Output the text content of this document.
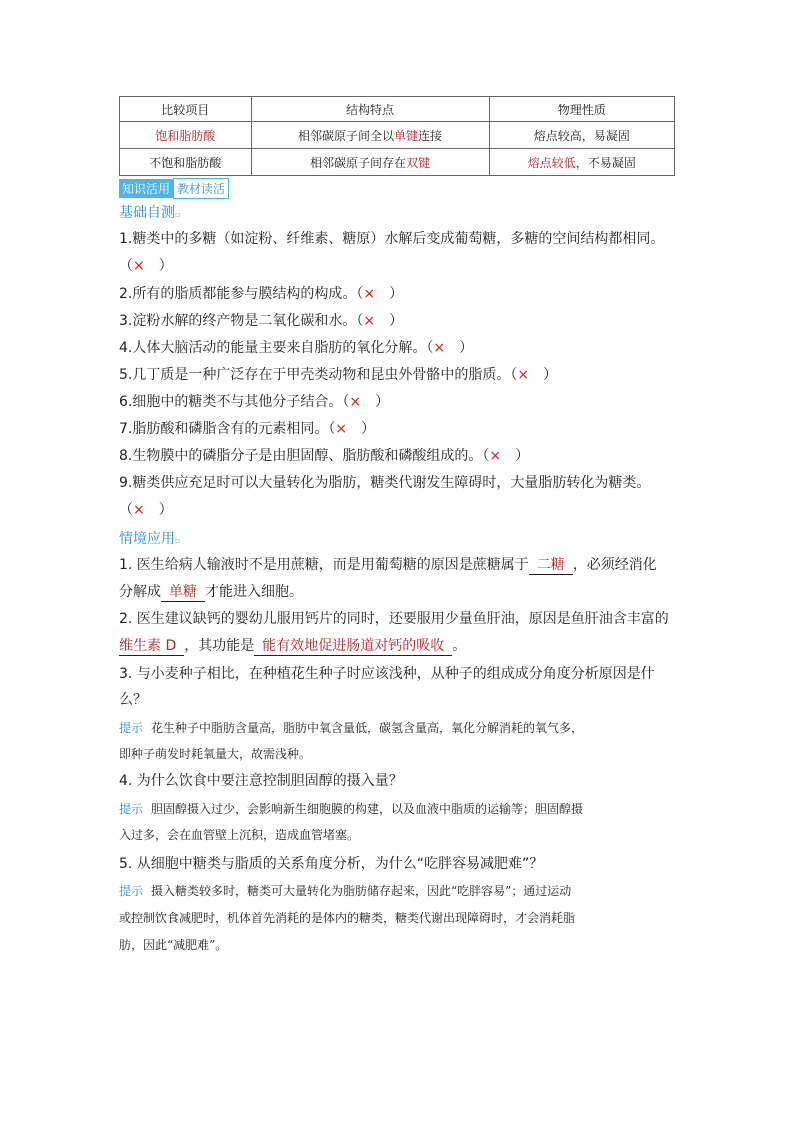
比较项目	结构特点	物理性质
饱和脂肪酸	相邻碳原子间全以单键连接	熔点较高，易凝固
不饱和脂肪酸	相邻碳原子间存在双键	熔点较低，不易凝固
知识活用 教材读活
基础自测▫
1.糖类中的多糖（如淀粉、纤维素、糖原）水解后变成葡萄糖，多糖的空间结构都相同。
（×　）
2.所有的脂质都能参与膜结构的构成。（×　）
3.淀粉水解的终产物是二氧化碳和水。（×　）
4.人体大脑活动的能量主要来自脂肪的氧化分解。（×　）
5.几丁质是一种广泛存在于甲壳类动物和昆虫外骨骼中的脂质。（×　）
6.细胞中的糖类不与其他分子结合。（×　）
7.脂肪酸和磷脂含有的元素相同。（×　）
8.生物膜中的磷脂分子是由胆固醇、脂肪酸和磷酸组成的。（×　）
9.糖类供应充足时可以大量转化为脂肪，糖类代谢发生障碍时，大量脂肪转化为糖类。
（×　）
情境应用▫
1. 医生给病人输液时不是用蔗糖，而是用葡萄糖的原因是蔗糖属于 二糖 ，必须经消化
分解成 单糖 才能进入细胞。
2. 医生建议缺钙的婴幼儿服用钙片的同时，还要服用少量鱼肝油，原因是鱼肝油含丰富的
维生素 D ，其功能是 能有效地促进肠道对钙的吸收 。
3. 与小麦种子相比，在种植花生种子时应该浅种，从种子的组成成分角度分析原因是什
么？
提示 花生种子中脂肪含量高，脂肪中氧含量低，碳氢含量高，氧化分解消耗的氧气多，
即种子萌发时耗氧量大，故需浅种。
4. 为什么饮食中要注意控制胆固醇的摄入量？
提示 胆固醇摄入过少，会影响新生细胞膜的构建，以及血液中脂质的运输等；胆固醇摄
入过多，会在血管壁上沉积，造成血管堵塞。
5. 从细胞中糖类与脂质的关系角度分析，为什么“吃胖容易减肥难”？
提示 摄入糖类较多时，糖类可大量转化为脂肪储存起来，因此“吃胖容易”；通过运动
或控制饮食减肥时，机体首先消耗的是体内的糖类，糖类代谢出现障碍时，才会消耗脂
肪，因此“减肥难”。
